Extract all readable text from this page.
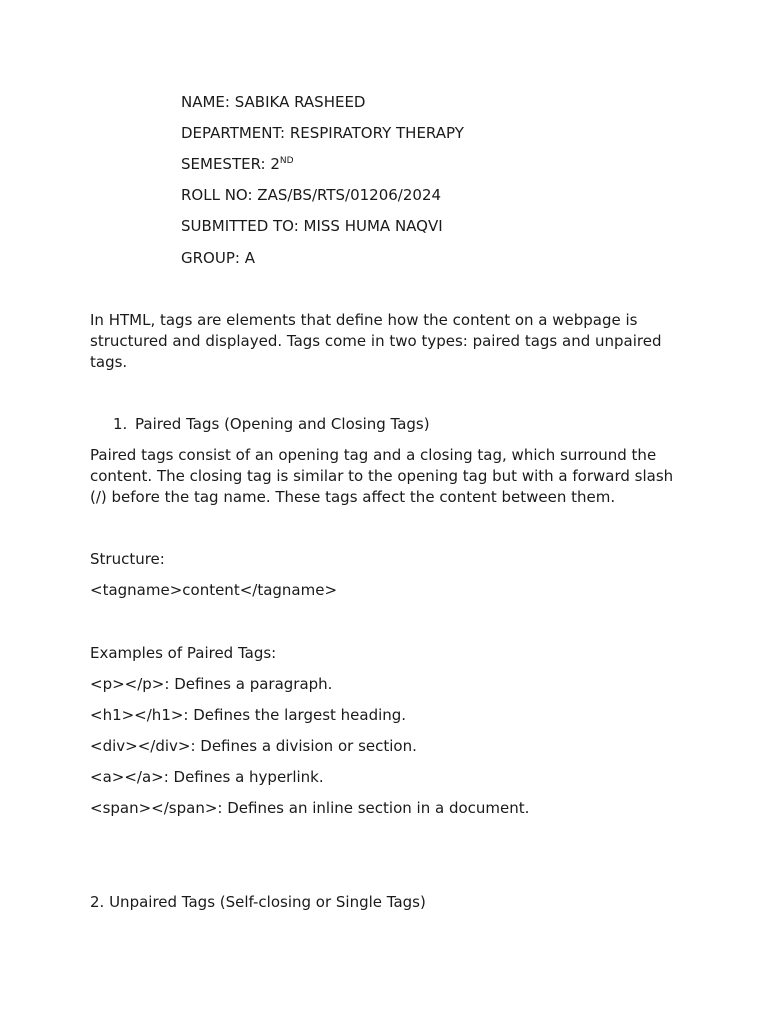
NAME: SABIKA RASHEED
DEPARTMENT: RESPIRATORY THERAPY
SEMESTER: 2ND
ROLL NO: ZAS/BS/RTS/01206/2024
SUBMITTED TO: MISS HUMA NAQVI
GROUP: A
In HTML, tags are elements that define how the content on a webpage is structured and displayed. Tags come in two types: paired tags and unpaired tags.
1. Paired Tags (Opening and Closing Tags)
Paired tags consist of an opening tag and a closing tag, which surround the content. The closing tag is similar to the opening tag but with a forward slash (/) before the tag name. These tags affect the content between them.
Structure:
<tagname>content</tagname>
Examples of Paired Tags:
<p></p>: Defines a paragraph.
<h1></h1>: Defines the largest heading.
<div></div>: Defines a division or section.
<a></a>: Defines a hyperlink.
<span></span>: Defines an inline section in a document.
2. Unpaired Tags (Self-closing or Single Tags)
